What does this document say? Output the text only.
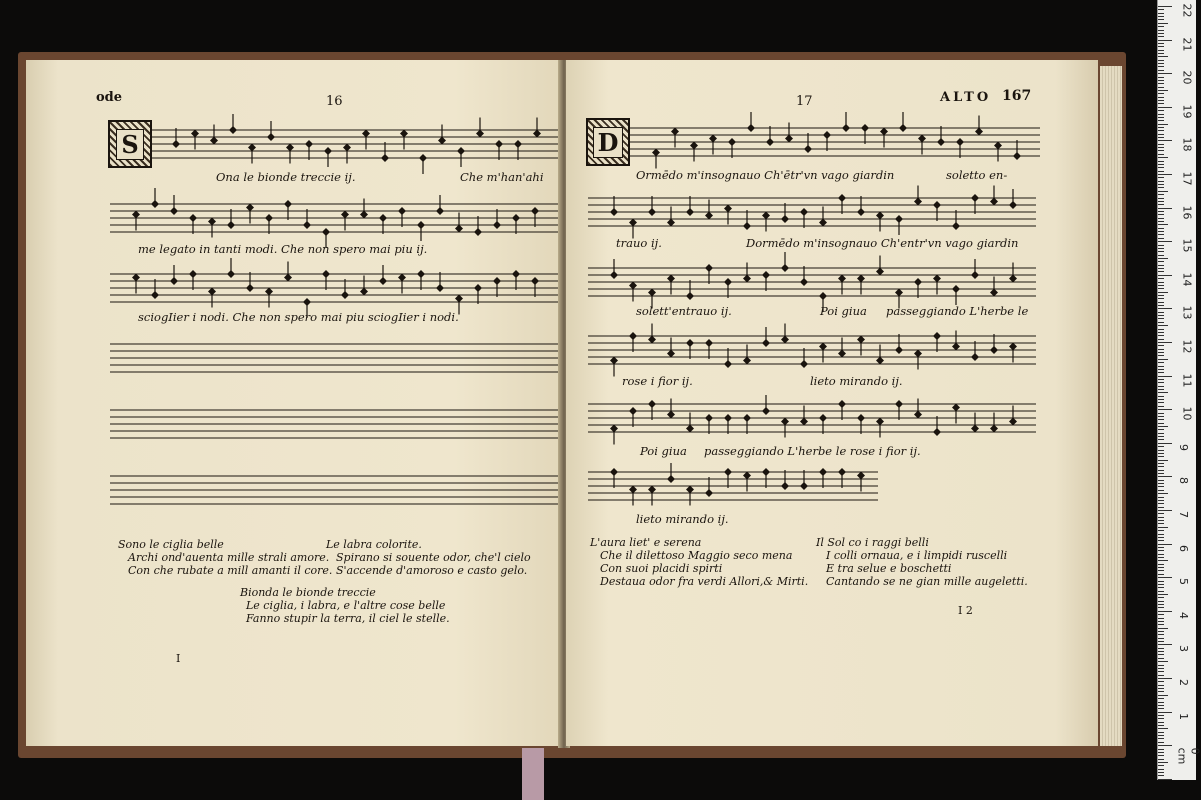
ode	16
S
Ona le bionde treccie ij.	Che m'han'ahi
me legato in tanti modi. Che non spero mai piu ij.
sciogIier i nodi. Che non spero mai piu sciogIier i nodi.
Sono le ciglia belle
Archi ond'auenta mille strali amore.
Con che rubate a mill amanti il core.
Le labra colorite.
Spirano si souente odor, che'l cielo
S'accende d'amoroso e casto gelo.
Bionda le bionde treccie
Le ciglia, i labra, e l'altre cose belle
Fanno stupir la terra, il ciel le stelle.
I
17	ALTO 167
D
Ormēdo m'insognauo Ch'ētr'vn vago giardin	soletto en-
trauo ij.	Dormēdo m'insognauo Ch'entr'vn vago giardin
solett'entrauo ij.	Poi giua passeggiando L'herbe le
rose i fior ij.	lieto mirando ij.
Poi giua passeggiando L'herbe le rose i fior ij.
lieto mirando ij.
L'aura liet' e serena
Che il dilettoso Maggio seco mena
Con suoi placidi spirti
Destaua odor fra verdi Allori,& Mirti.
Il Sol co i raggi belli
I colli ornaua, e i limpidi ruscelli
E tra selue e boschetti
Cantando se ne gian mille augeletti.
I 2
22
21
20
19
18
17
16
15
14
13
12
11
10
9
8
7
6
5
4
3
2
1
0 cm
